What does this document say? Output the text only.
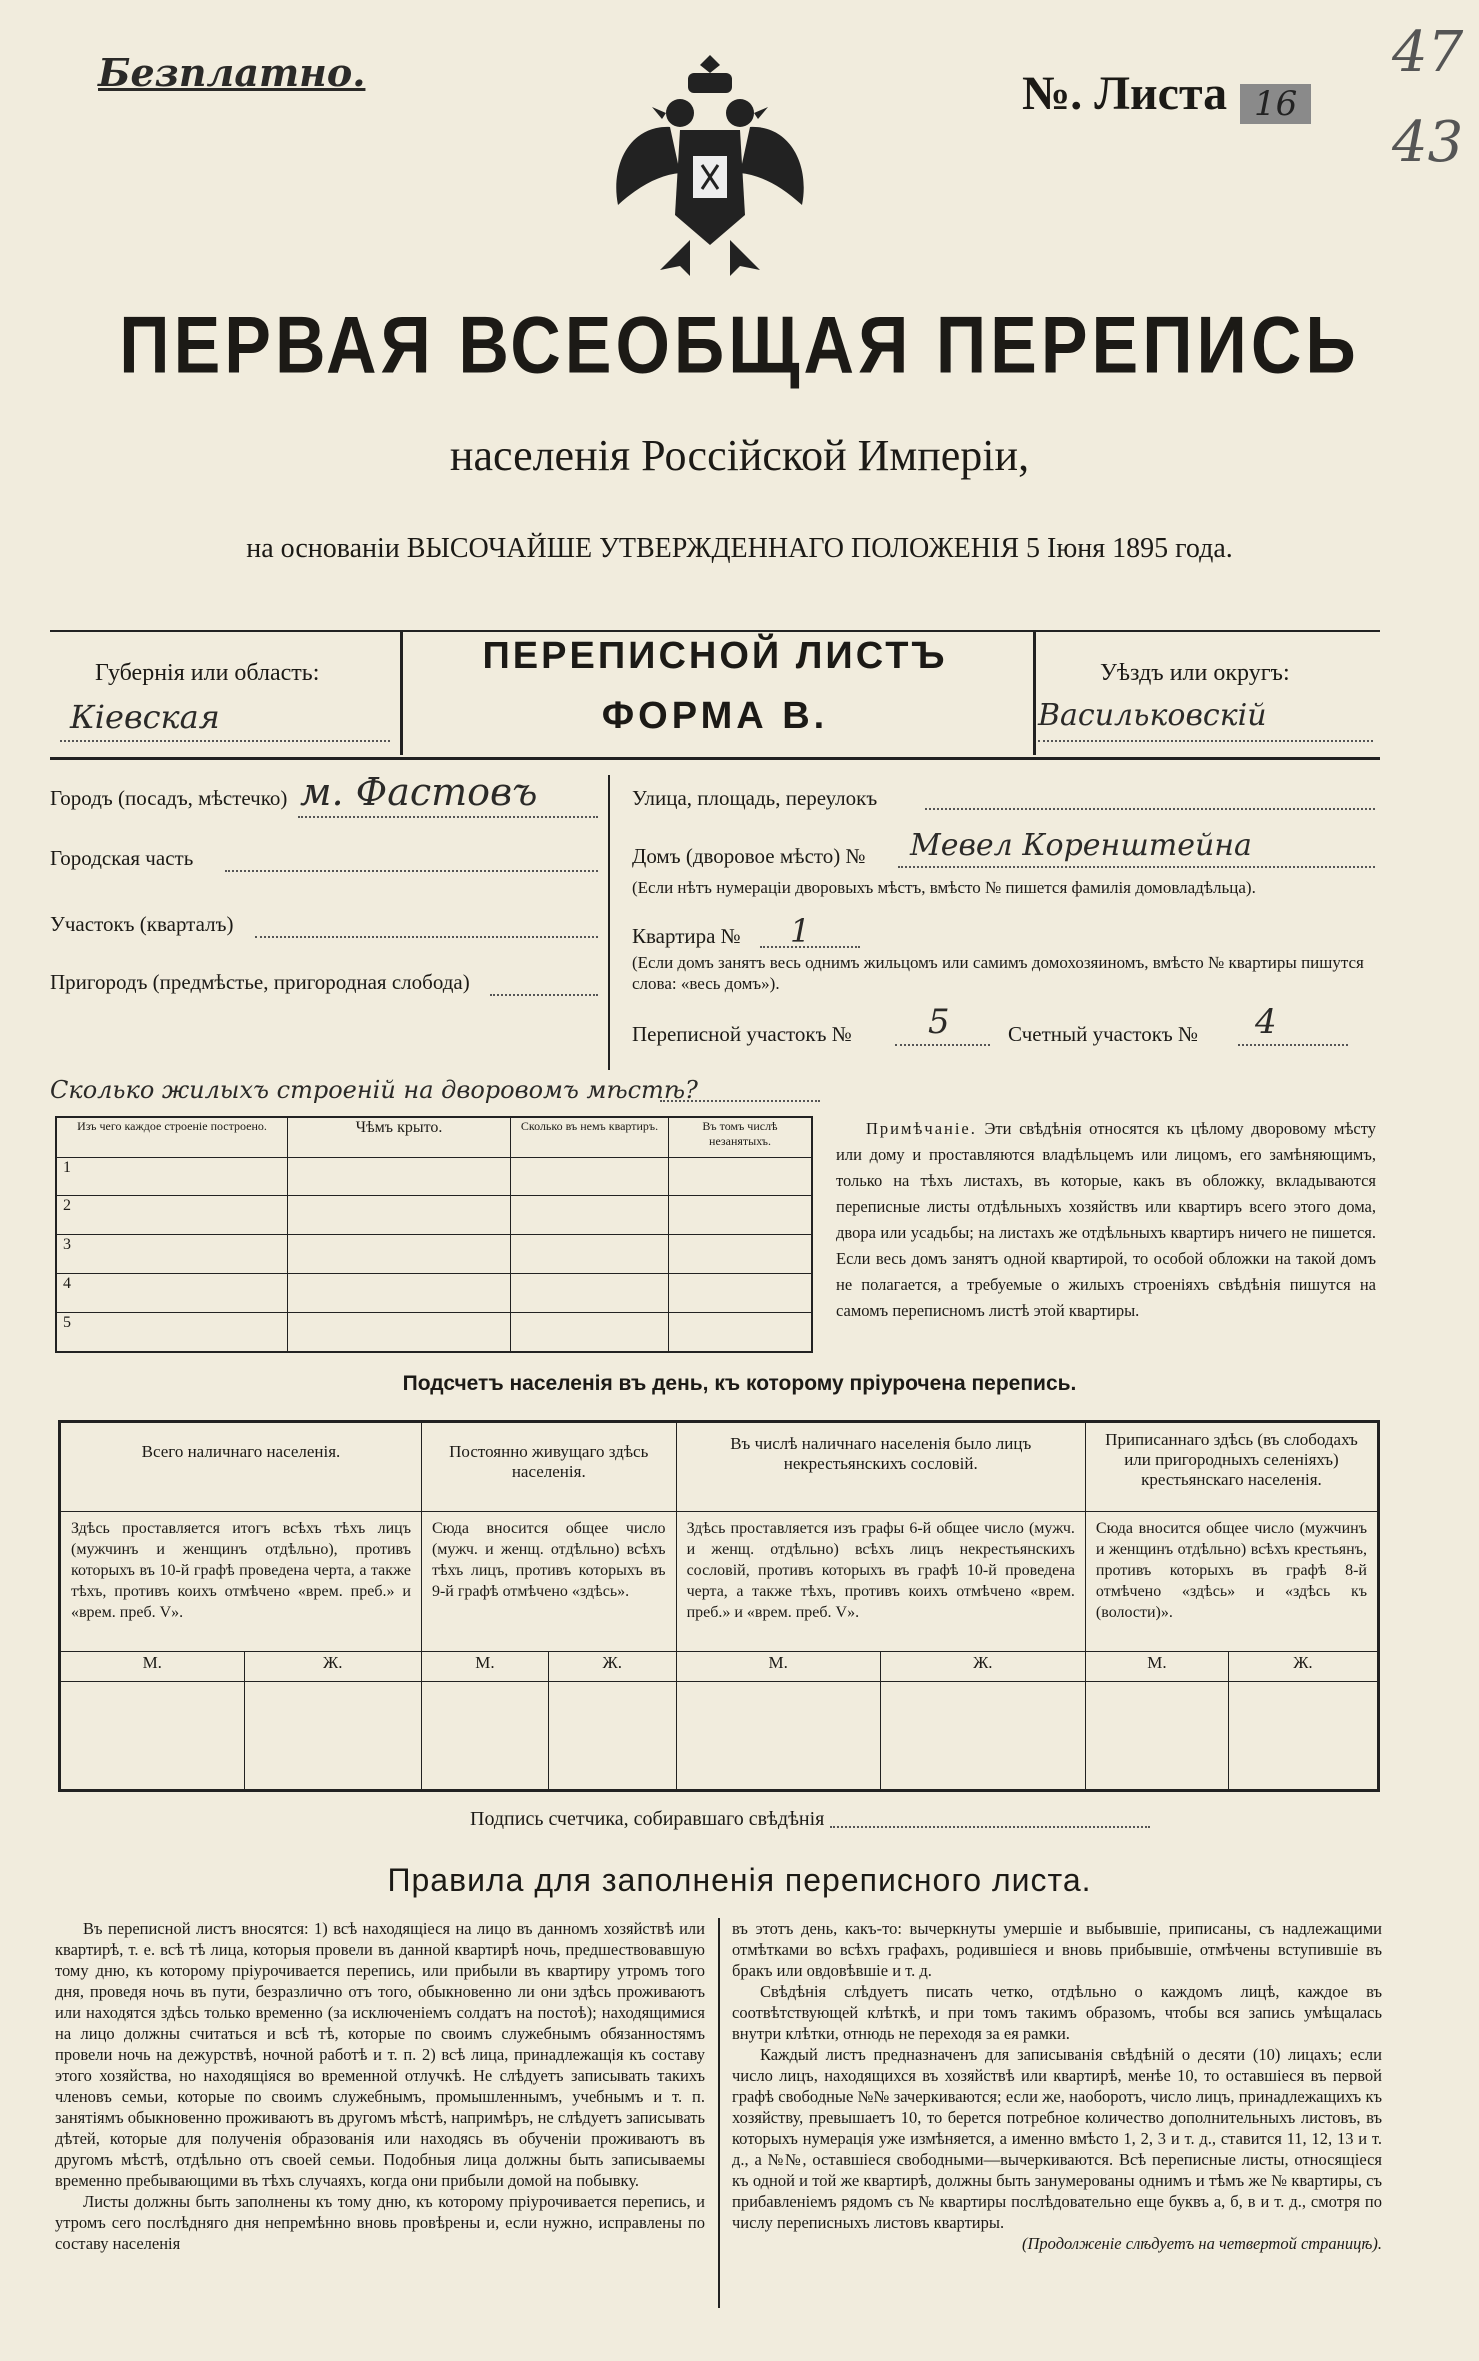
Безплатно.	№. Листа 16
47
43
ПЕРВАЯ ВСЕОБЩАЯ ПЕРЕПИСЬ
населенія Россійской Имперіи,
на основаніи ВЫСОЧАЙШЕ УТВЕРЖДЕННАГО ПОЛОЖЕНІЯ 5 Іюня 1895 года.
Губернія или область:
Кіевская
ПЕРЕПИСНОЙ ЛИСТЪ
ФОРМА В.
Уѣздъ или округъ:
Васильковскій
Городъ (посадъ, мѣстечко) м. Фастовъ
Городская часть
Участокъ (кварталъ)
Пригородъ (предмѣстье, пригородная слобода)
Улица, площадь, переулокъ
Домъ (дворовое мѣсто) № Мевел Коренштейна
(Если нѣтъ нумераціи дворовыхъ мѣстъ, вмѣсто № пишется фамилія домовладѣльца).
Квартира № 1
(Если домъ занятъ весь однимъ жильцомъ или самимъ домохозяиномъ, вмѣсто № квартиры пишутся слова: «весь домъ»).
Переписной участокъ № 5	Счетный участокъ № 4
Сколько жилыхъ строеній на дворовомъ мѣстѣ?
Изъ чего каждое строеніе построено.	Чѣмъ крыто.	Сколько въ немъ квартиръ.	Въ томъ числѣ незанятыхъ.
1			
2			
3			
4			
5			
Примѣчаніе. Эти свѣдѣнія относятся къ цѣлому дворовому мѣсту или дому и проставляются владѣльцемъ или лицомъ, его замѣняющимъ, только на тѣхъ листахъ, въ которые, какъ въ обложку, вкладываются переписные листы отдѣльныхъ хозяйствъ или квартиръ всего этого дома, двора или усадьбы; на листахъ же отдѣльныхъ квартиръ ничего не пишется. Если весь домъ занятъ одной квартирой, то особой обложки на такой домъ не полагается, а требуемые о жилыхъ строеніяхъ свѣдѣнія пишутся на самомъ переписномъ листѣ этой квартиры.
Подсчетъ населенія въ день, къ которому пріурочена перепись.
Всего наличнаго населенія.		Постоянно живущаго здѣсь населенія.		Въ числѣ наличнаго населенія было лицъ некрестьянскихъ сословій.		Приписаннаго здѣсь (въ слободахъ или пригородныхъ селеніяхъ) крестьянскаго населенія.	

Здѣсь проставляется итогъ всѣхъ тѣхъ лицъ (мужчинъ и женщинъ отдѣльно), противъ которыхъ въ 10-й графѣ проведена черта, а также тѣхъ, противъ коихъ отмѣчено «врем. преб.» и «врем. преб. V».		Сюда вносится общее число (мужч. и женщ. отдѣльно) всѣхъ тѣхъ лицъ, противъ которыхъ въ 9-й графѣ отмѣчено «здѣсь».		Здѣсь проставляется изъ графы 6-й общее число (мужч. и женщ. отдѣльно) всѣхъ лицъ некрестьянскихъ сословій, противъ которыхъ въ графѣ 10-й проведена черта, а также тѣхъ, противъ коихъ отмѣчено «врем. преб.» и «врем. преб. V».		Сюда вносится общее число (мужчинъ и женщинъ отдѣльно) всѣхъ крестьянъ, противъ которыхъ въ графѣ 8-й отмѣчено «здѣсь» и «здѣсь къ (волости)».	
М.	Ж.	М.	Ж.	М.	Ж.	М.	Ж.

Подпись счетчика, собиравшаго свѣдѣнія
Правила для заполненія переписного листа.

Въ переписной листъ вносятся: 1) всѣ находящіеся на лицо въ данномъ хозяйствѣ или квартирѣ, т. е. всѣ тѣ лица, которыя провели въ данной квартирѣ ночь, предшествовавшую тому дню, къ которому пріурочивается перепись, или прибыли въ квартиру утромъ того дня, проведя ночь въ пути, безразлично отъ того, обыкновенно ли они здѣсь проживаютъ или находятся здѣсь только временно (за исключеніемъ солдатъ на постоѣ); находящимися на лицо должны считаться и всѣ тѣ, которые по своимъ служебнымъ обязанностямъ провели ночь на дежурствѣ, ночной работѣ и т. п. 2) всѣ лица, принадлежащія къ составу этого хозяйства, но находящіяся во временной отлучкѣ. Не слѣдуетъ записывать такихъ членовъ семьи, которые по своимъ служебнымъ, промышленнымъ, учебнымъ и т. п. занятіямъ обыкновенно проживаютъ въ другомъ мѣстѣ, напримѣръ, не слѣдуетъ записывать дѣтей, которые для полученія образованія или находясь въ обученіи проживаютъ въ другомъ мѣстѣ, отдѣльно отъ своей семьи. Подобныя лица должны быть записываемы временно пребывающими въ тѣхъ случаяхъ, когда они прибыли домой на побывку.

Листы должны быть заполнены къ тому дню, къ которому пріурочивается перепись, и утромъ сего послѣдняго дня непремѣнно вновь провѣрены и, если нужно, исправлены по составу населенія

въ этотъ день, какъ-то: вычеркнуты умершіе и выбывшіе, приписаны, съ надлежащими отмѣтками во всѣхъ графахъ, родившіеся и вновь прибывшіе, отмѣчены вступившіе въ бракъ или овдовѣвшіе и т. д.

Свѣдѣнія слѣдуетъ писать четко, отдѣльно о каждомъ лицѣ, каждое въ соотвѣтствующей клѣткѣ, и при томъ такимъ образомъ, чтобы вся запись умѣщалась внутри клѣтки, отнюдь не переходя за ея рамки.

Каждый листъ предназначенъ для записыванія свѣдѣній о десяти (10) лицахъ; если число лицъ, находящихся въ хозяйствѣ или квартирѣ, менѣе 10, то оставшіеся въ первой графѣ свободные №№ зачеркиваются; если же, наоборотъ, число лицъ, принадлежащихъ къ хозяйству, превышаетъ 10, то берется потребное количество дополнительныхъ листовъ, въ которыхъ нумерація уже измѣняется, а именно вмѣсто 1, 2, 3 и т. д., ставится 11, 12, 13 и т. д., а №№, оставшіеся свободными—вычеркиваются. Всѣ переписные листы, относящіеся къ одной и той же квартирѣ, должны быть занумерованы однимъ и тѣмъ же № квартиры, съ прибавленіемъ рядомъ съ № квартиры послѣдовательно еще буквъ а, б, в и т. д., смотря по числу переписныхъ листовъ квартиры.

(Продолженіе слѣдуетъ на четвертой страницѣ).
